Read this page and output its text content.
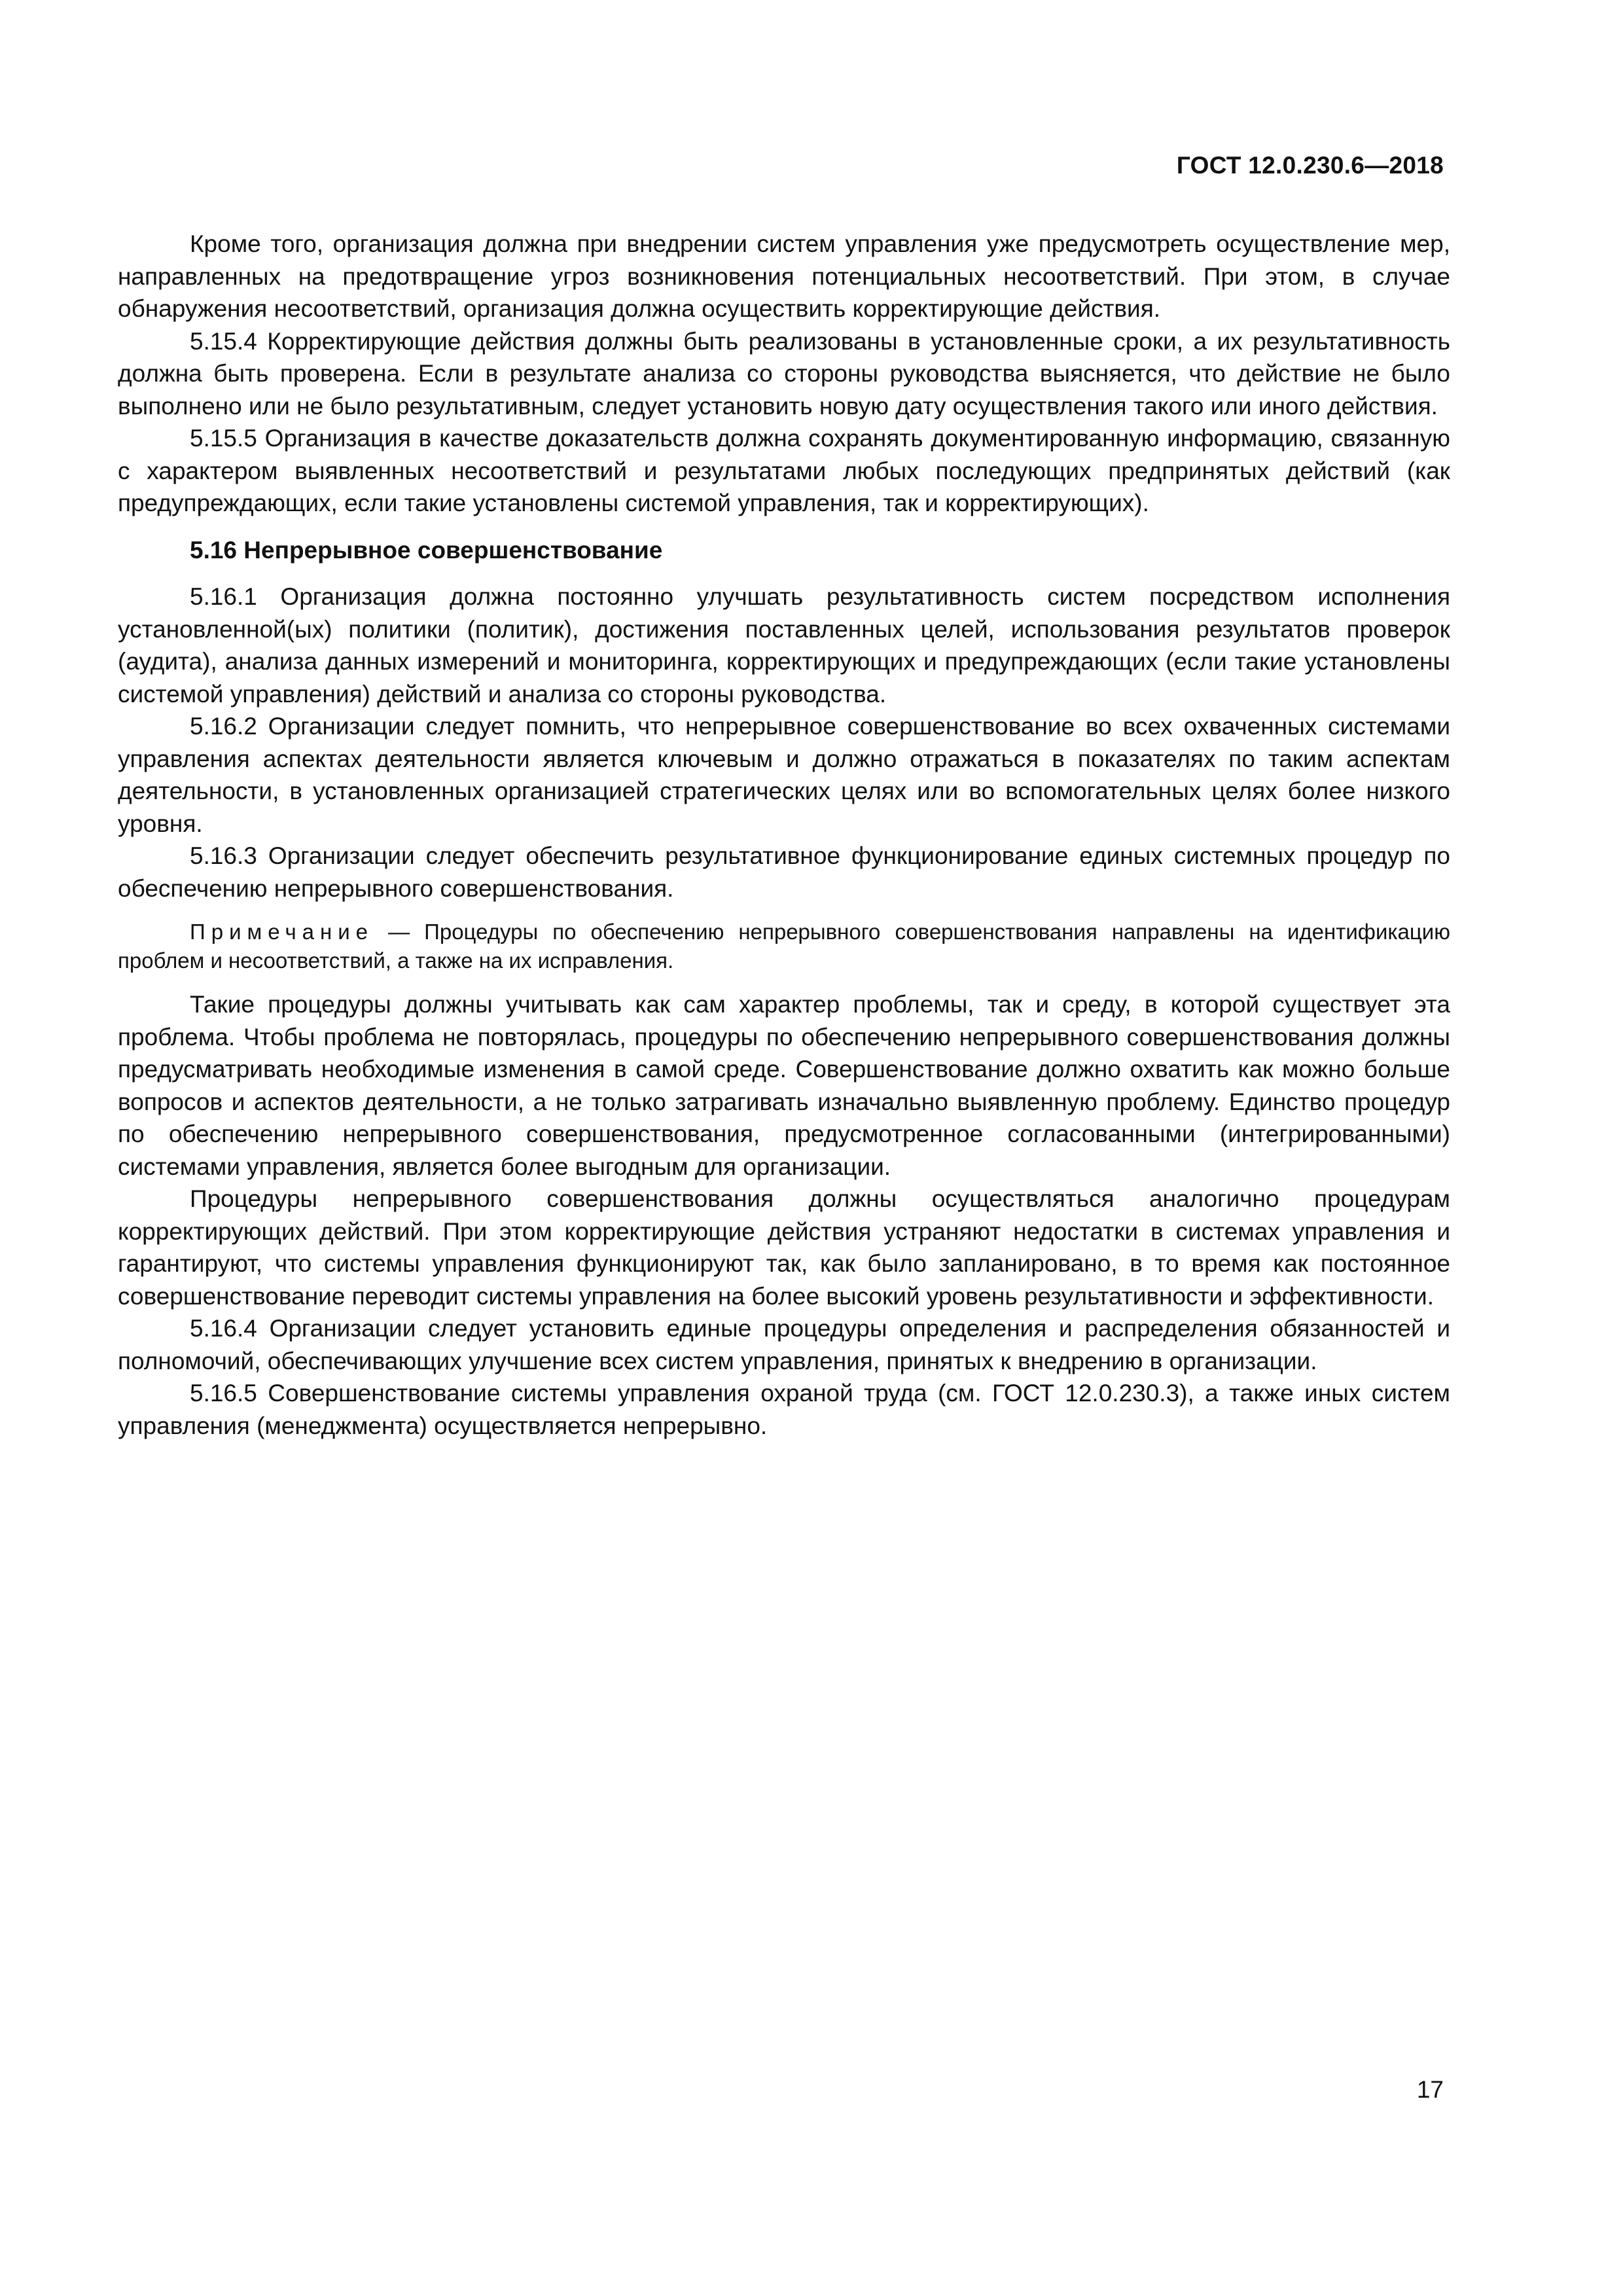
ГОСТ 12.0.230.6—2018

Кроме того, организация должна при внедрении систем управления уже предусмотреть осуществление мер, направленных на предотвращение угроз возникновения потенциальных несоответствий. При этом, в случае обнаружения несоответствий, организация должна осуществить корректирующие действия.

5.15.4 Корректирующие действия должны быть реализованы в установленные сроки, а их результативность должна быть проверена. Если в результате анализа со стороны руководства выясняется, что действие не было выполнено или не было результативным, следует установить новую дату осуществления такого или иного действия.

5.15.5 Организация в качестве доказательств должна сохранять документированную информацию, связанную с характером выявленных несоответствий и результатами любых последующих предпринятых действий (как предупреждающих, если такие установлены системой управления, так и корректирующих).

5.16 Непрерывное совершенствование

5.16.1 Организация должна постоянно улучшать результативность систем посредством исполнения установленной(ых) политики (политик), достижения поставленных целей, использования результатов проверок (аудита), анализа данных измерений и мониторинга, корректирующих и предупреждающих (если такие установлены системой управления) действий и анализа со стороны руководства.

5.16.2 Организации следует помнить, что непрерывное совершенствование во всех охваченных системами управления аспектах деятельности является ключевым и должно отражаться в показателях по таким аспектам деятельности, в установленных организацией стратегических целях или во вспомогательных целях более низкого уровня.

5.16.3 Организации следует обеспечить результативное функционирование единых системных процедур по обеспечению непрерывного совершенствования.

Примечание — Процедуры по обеспечению непрерывного совершенствования направлены на идентификацию проблем и несоответствий, а также на их исправления.

Такие процедуры должны учитывать как сам характер проблемы, так и среду, в которой существует эта проблема. Чтобы проблема не повторялась, процедуры по обеспечению непрерывного совершенствования должны предусматривать необходимые изменения в самой среде. Совершенствование должно охватить как можно больше вопросов и аспектов деятельности, а не только затрагивать изначально выявленную проблему. Единство процедур по обеспечению непрерывного совершенствования, предусмотренное согласованными (интегрированными) системами управления, является более выгодным для организации.

Процедуры непрерывного совершенствования должны осуществляться аналогично процедурам корректирующих действий. При этом корректирующие действия устраняют недостатки в системах управления и гарантируют, что системы управления функционируют так, как было запланировано, в то время как постоянное совершенствование переводит системы управления на более высокий уровень результативности и эффективности.

5.16.4 Организации следует установить единые процедуры определения и распределения обязанностей и полномочий, обеспечивающих улучшение всех систем управления, принятых к внедрению в организации.

5.16.5 Совершенствование системы управления охраной труда (см. ГОСТ 12.0.230.3), а также иных систем управления (менеджмента) осуществляется непрерывно.

17
